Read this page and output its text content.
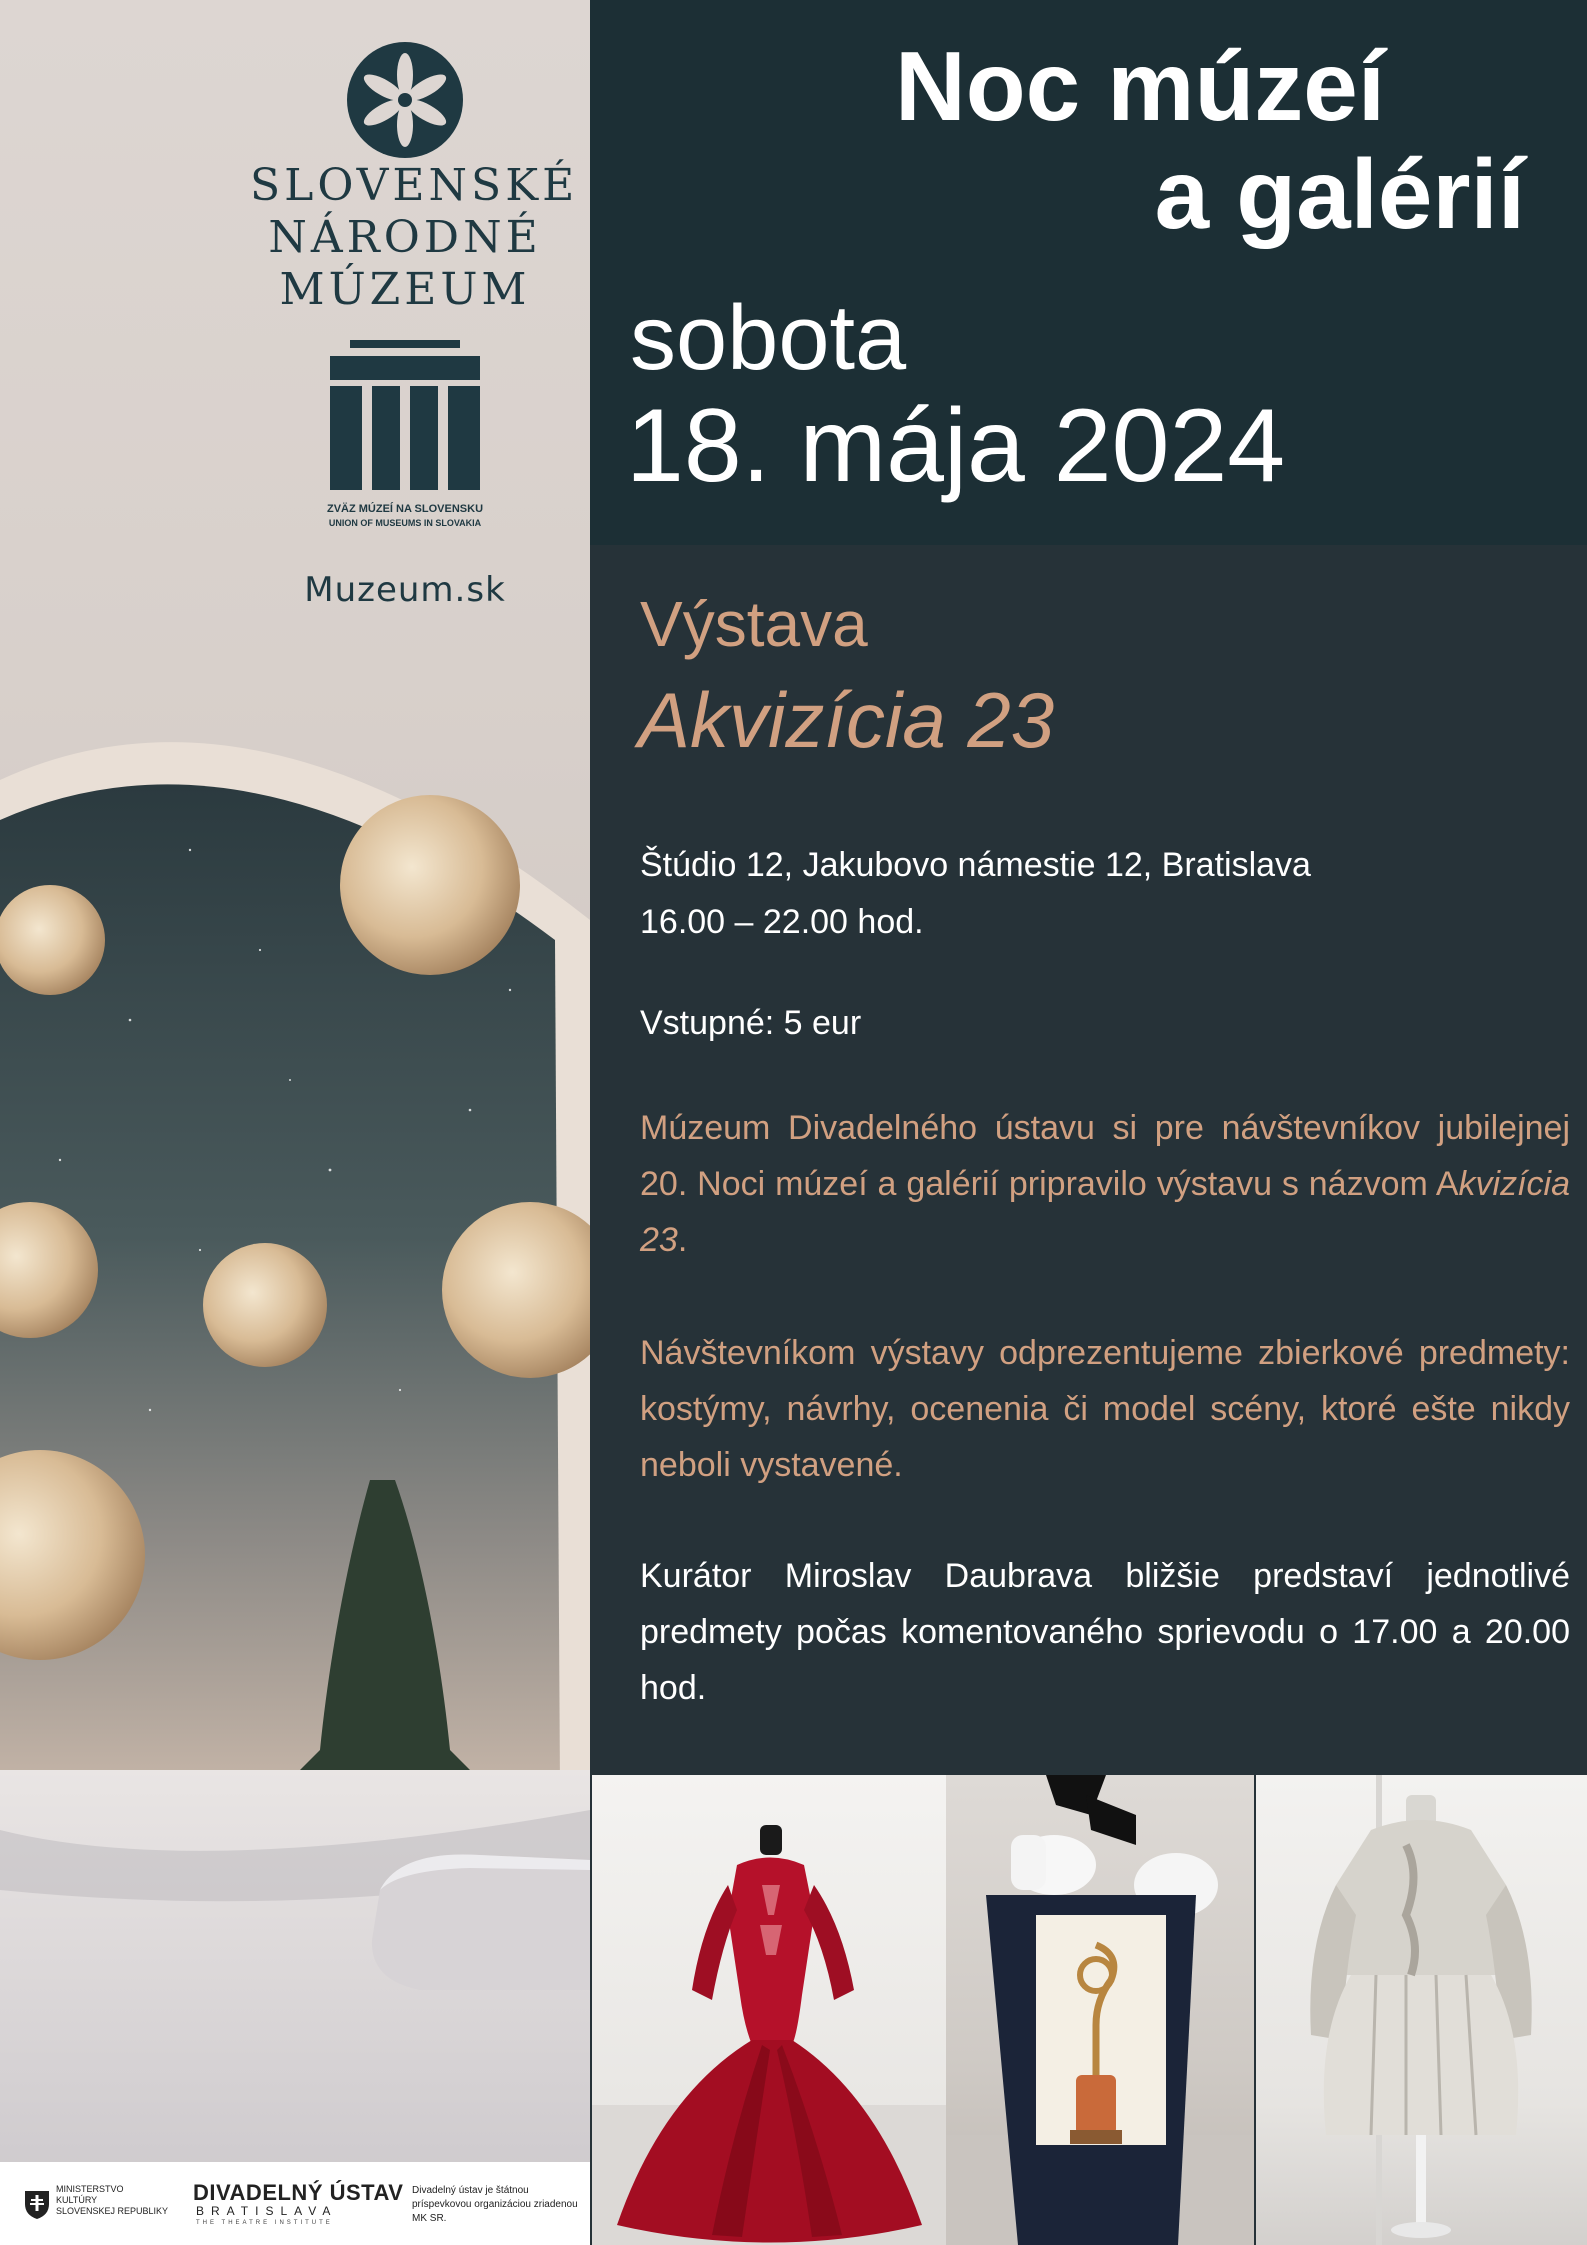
SLOVENSKÉ
NÁRODNÉ
MÚZEUM
ZVÄZ MÚZEÍ NA SLOVENSKU
UNION OF MUSEUMS IN SLOVAKIA
Muzeum.sk
MINISTERSTVO
KULTÚRY
SLOVENSKEJ REPUBLIKY
DIVADELNÝ ÚSTAV
BRATISLAVA
THE THEATRE INSTITUTE
Divadelný ústav je štátnou príspevkovou organizáciou zriadenou MK SR.
Noc múzeí
a galérií
sobota
18. mája 2024
Výstava
Akvizícia 23
Štúdio 12, Jakubovo námestie 12, Bratislava
16.00 – 22.00 hod.
Vstupné: 5 eur
Múzeum Divadelného ústavu si pre návštevníkov jubilejnej 20. Noci múzeí a galérií pripravilo výstavu s názvom Akvizícia 23.
Návštevníkom výstavy odprezentujeme zbierkové predmety: kostýmy, návrhy, ocenenia či model scény, ktoré ešte nikdy neboli vystavené.
Kurátor Miroslav Daubrava bližšie predstaví jednotlivé predmety počas komentovaného sprievodu o 17.00 a 20.00 hod.
